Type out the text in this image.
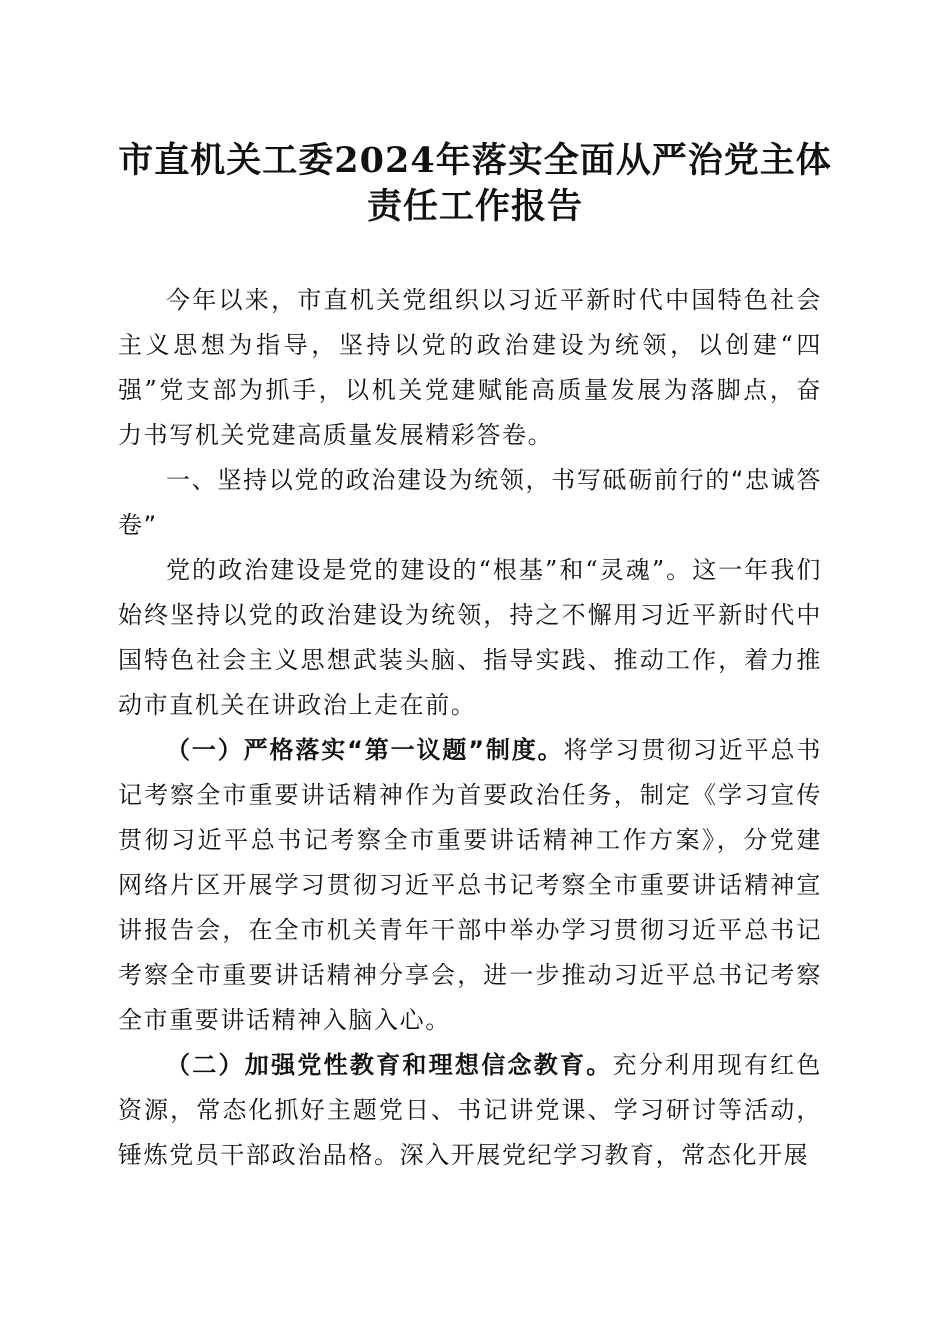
市直机关工委2024年落实全面从严治党主体
责任工作报告

今年以来，市直机关党组织以习近平新时代中国特色社会主义思想为指导，坚持以党的政治建设为统领，以创建“四强”党支部为抓手，以机关党建赋能高质量发展为落脚点，奋力书写机关党建高质量发展精彩答卷。

一、坚持以党的政治建设为统领，书写砥砺前行的“忠诚答卷”

党的政治建设是党的建设的“根基”和“灵魂”。这一年我们始终坚持以党的政治建设为统领，持之不懈用习近平新时代中国特色社会主义思想武装头脑、指导实践、推动工作，着力推动市直机关在讲政治上走在前。

（一）严格落实“第一议题”制度。将学习贯彻习近平总书记考察全市重要讲话精神作为首要政治任务，制定《学习宣传贯彻习近平总书记考察全市重要讲话精神工作方案》，分党建网络片区开展学习贯彻习近平总书记考察全市重要讲话精神宣讲报告会，在全市机关青年干部中举办学习贯彻习近平总书记考察全市重要讲话精神分享会，进一步推动习近平总书记考察全市重要讲话精神入脑入心。

（二）加强党性教育和理想信念教育。充分利用现有红色资源，常态化抓好主题党日、书记讲党课、学习研讨等活动，锤炼党员干部政治品格。深入开展党纪学习教育，常态化开展
